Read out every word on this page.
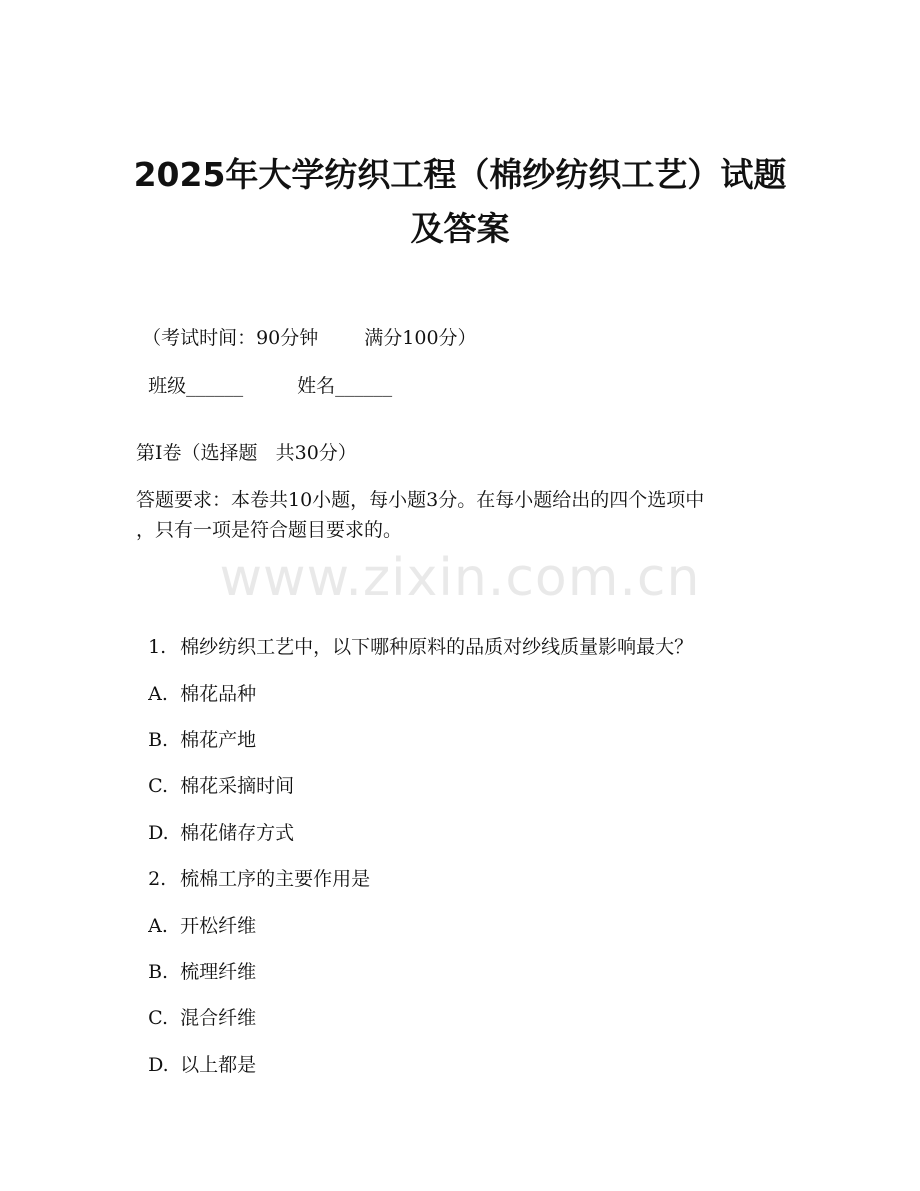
2025年大学纺织工程（棉纱纺织工艺）试题
及答案

（考试时间：90分钟 满分100分）

班级______	姓名______

第I卷（选择题   共30分）
答题要求：本卷共10小题，每小题3分。在每小题给出的四个选项中
，只有一项是符合题目要求的。
www.zixin.com.cn

1. 棉纱纺织工艺中，以下哪种原料的品质对纱线质量影响最大？

A. 棉花品种

B. 棉花产地

C. 棉花采摘时间

D. 棉花储存方式

2. 梳棉工序的主要作用是

A. 开松纤维

B. 梳理纤维

C. 混合纤维

D. 以上都是
